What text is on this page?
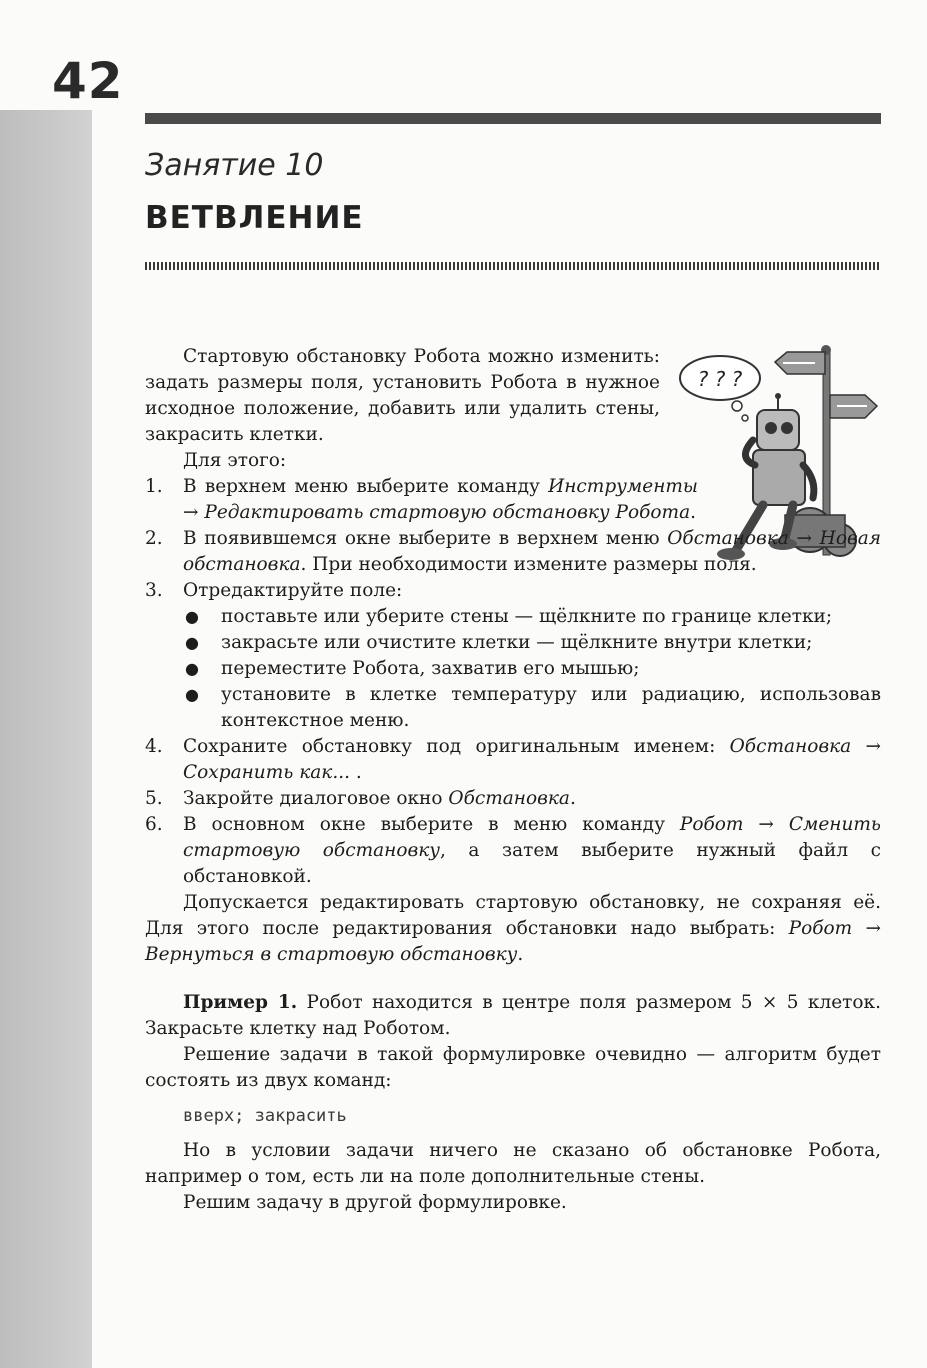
42
Занятие 10
ВЕТВЛЕНИЕ
? ? ?

Стартовую обстановку Робота можно изменить: задать размеры поля, установить Робота в нужное исходное положение, добавить или удалить стены, закрасить клетки.

Для этого:

1. В верхнем меню выберите команду Инструменты → Редактировать стартовую обстановку Робота.
2. В появившемся окне выберите в верхнем меню Обстановка → Новая обстановка. При необходимости измените размеры поля.
3. Отредактируйте поле:
● поставьте или уберите стены — щёлкните по границе клетки;
● закрасьте или очистите клетки — щёлкните внутри клетки;
● переместите Робота, захватив его мышью;
● установите в клетке температуру или радиацию, использовав контекстное меню.
4. Сохраните обстановку под оригинальным именем: Обстановка → Сохранить как... .
5. Закройте диалоговое окно Обстановка.
6. В основном окне выберите в меню команду Робот → Сменить стартовую обстановку, а затем выберите нужный файл с обстановкой.

Допускается редактировать стартовую обстановку, не сохраняя её. Для этого после редактирования обстановки надо выбрать: Робот → Вернуться в стартовую обстановку.

Пример 1. Робот находится в центре поля размером 5 × 5 клеток. Закрасьте клетку над Роботом.

Решение задачи в такой формулировке очевидно — алгоритм будет состоять из двух команд:

вверх; закрасить

Но в условии задачи ничего не сказано об обстановке Робота, например о том, есть ли на поле дополнительные стены.

Решим задачу в другой формулировке.
